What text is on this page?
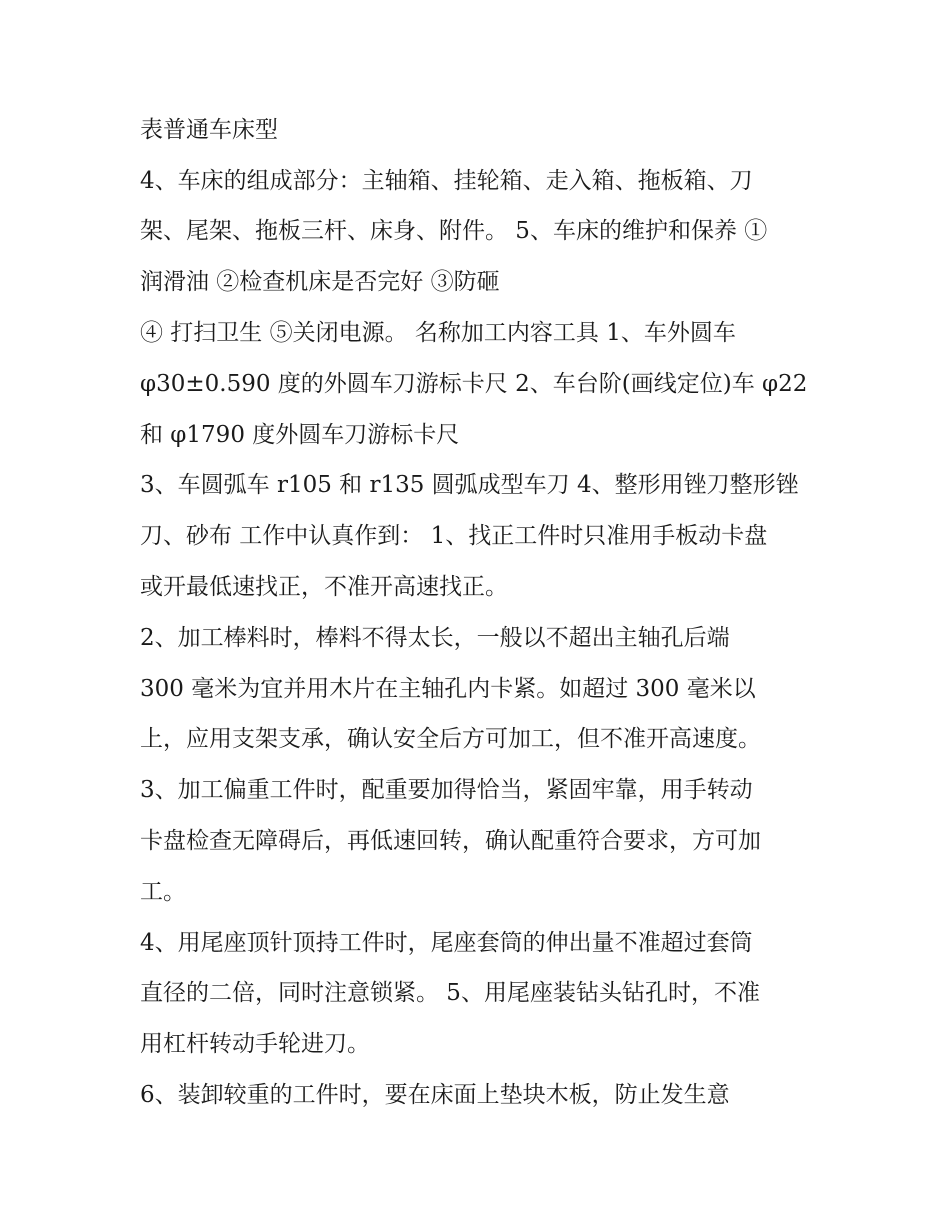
表普通车床型
4、车床的组成部分：主轴箱、挂轮箱、走入箱、拖板箱、刀
架、尾架、拖板三杆、床身、附件。 5、车床的维护和保养 ①
润滑油 ②检查机床是否完好 ③防砸
④ 打扫卫生 ⑤关闭电源。 名称加工内容工具 1、车外圆车
φ30±0.590 度的外圆车刀游标卡尺 2、车台阶(画线定位)车 φ22
和 φ1790 度外圆车刀游标卡尺
3、车圆弧车 r105 和 r135 圆弧成型车刀 4、整形用锉刀整形锉
刀、砂布 工作中认真作到： 1、找正工件时只准用手板动卡盘
或开最低速找正，不准开高速找正。
2、加工棒料时，棒料不得太长，一般以不超出主轴孔后端
300 毫米为宜并用木片在主轴孔内卡紧。如超过 300 毫米以
上，应用支架支承，确认安全后方可加工，但不准开高速度。
3、加工偏重工件时，配重要加得恰当，紧固牢靠，用手转动
卡盘检查无障碍后，再低速回转，确认配重符合要求，方可加
工。
4、用尾座顶针顶持工件时，尾座套筒的伸出量不准超过套筒
直径的二倍，同时注意锁紧。 5、用尾座装钻头钻孔时，不准
用杠杆转动手轮进刀。
6、装卸较重的工件时，要在床面上垫块木板，防止发生意
